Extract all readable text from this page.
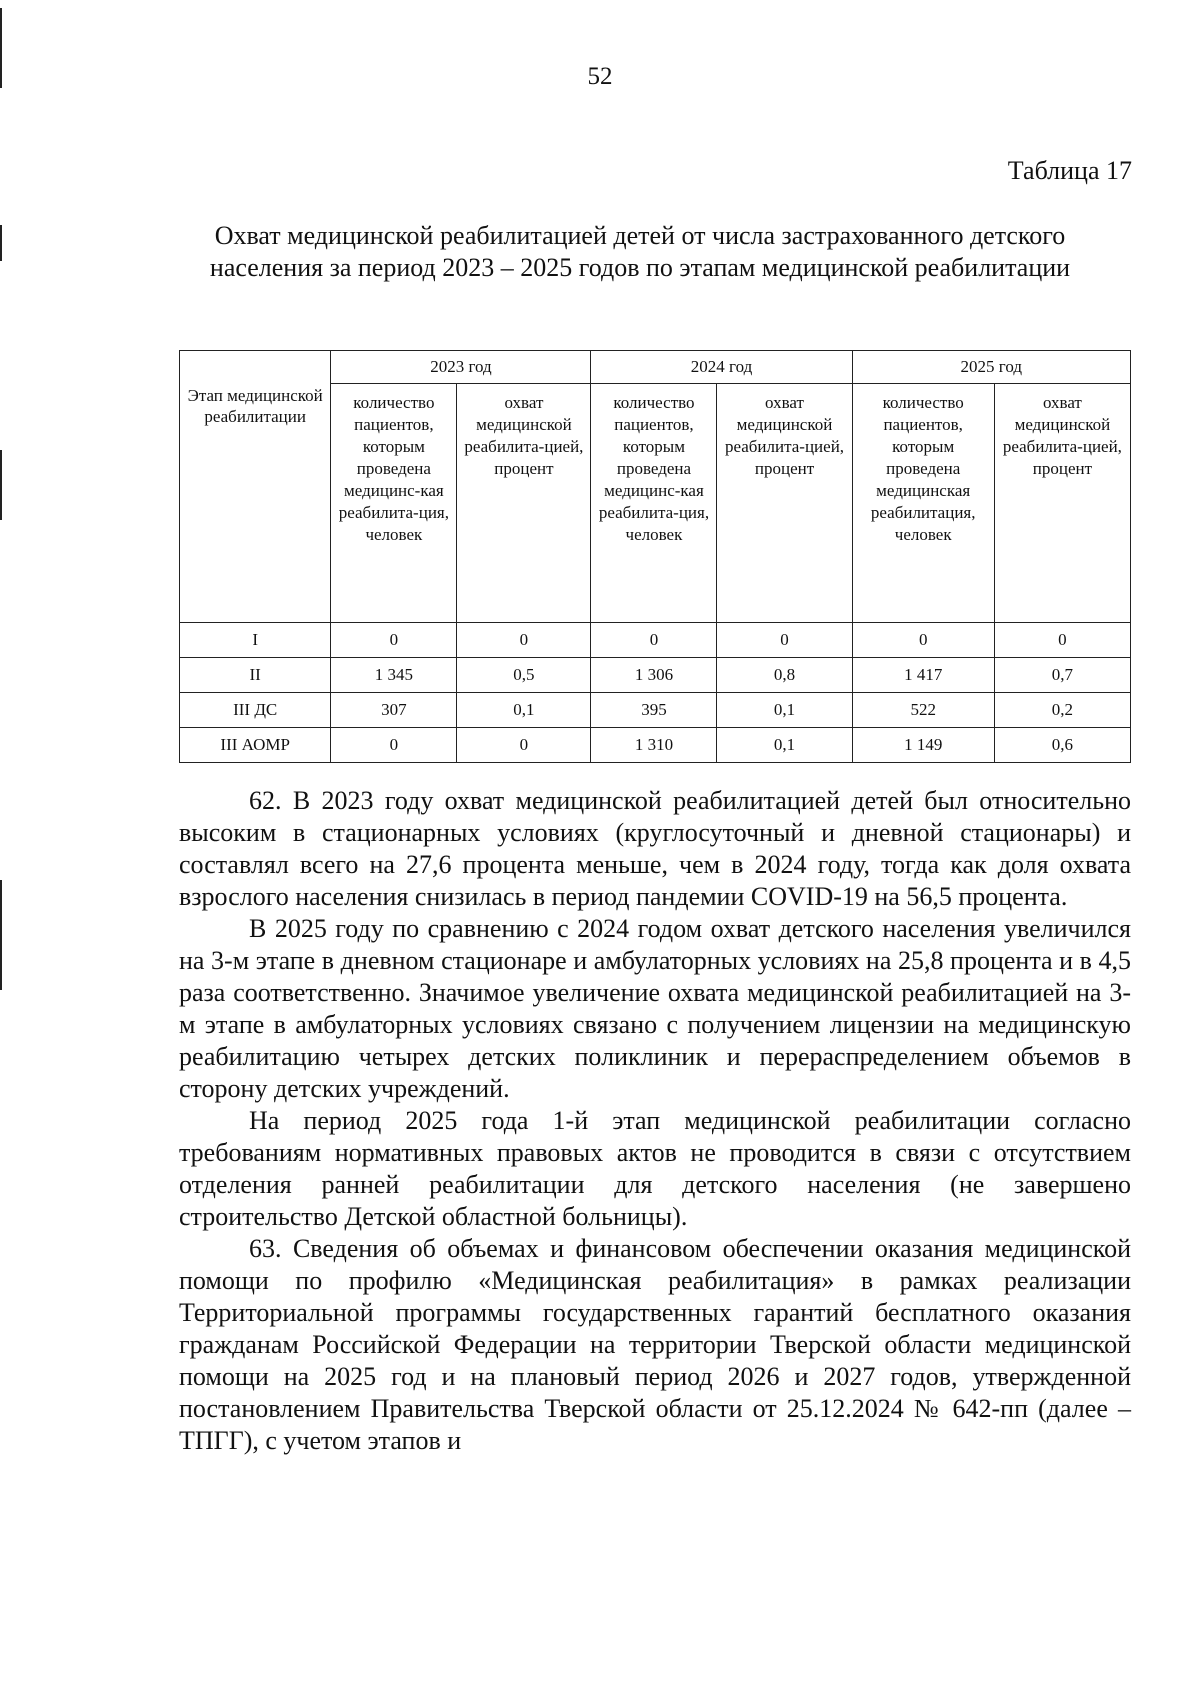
52
Таблица 17
Охват медицинской реабилитацией детей от числа застрахованного детского населения за период 2023 – 2025 годов по этапам медицинской реабилитации
Этап медицинской реабилитации	2023 год		2024 год		2025 год	
	количество пациентов, которым проведена медицинс-кая реабилита-ция, человек	охват медицинской реабилита-цией, процент	количество пациентов, которым проведена медицинс-кая реабилита-ция, человек	охват медицинской реабилита-цией, процент	количество пациентов, которым проведена медицинская реабилитация, человек	охват медицинской реабилита-цией, процент
I	0	0	0	0	0	0
II	1 345	0,5	1 306	0,8	1 417	0,7
III ДС	307	0,1	395	0,1	522	0,2
III АОМР	0	0	1 310	0,1	1 149	0,6

62. В 2023 году охват медицинской реабилитацией детей был относительно высоким в стационарных условиях (круглосуточный и дневной стационары) и составлял всего на 27,6 процента меньше, чем в 2024 году, тогда как доля охвата взрослого населения снизилась в период пандемии COVID-19 на 56,5 процента.

В 2025 году по сравнению с 2024 годом охват детского населения увеличился на 3-м этапе в дневном стационаре и амбулаторных условиях на 25,8 процента и в 4,5 раза соответственно. Значимое увеличение охвата медицинской реабилитацией на 3-м этапе в амбулаторных условиях связано с получением лицензии на медицинскую реабилитацию четырех детских поликлиник и перераспределением объемов в сторону детских учреждений.

На период 2025 года 1-й этап медицинской реабилитации согласно требованиям нормативных правовых актов не проводится в связи с отсутствием отделения ранней реабилитации для детского населения (не завершено строительство Детской областной больницы).

63. Сведения об объемах и финансовом обеспечении оказания медицинской помощи по профилю «Медицинская реабилитация» в рамках реализации Территориальной программы государственных гарантий бесплатного оказания гражданам Российской Федерации на территории Тверской области медицинской помощи на 2025 год и на плановый период 2026 и 2027 годов, утвержденной постановлением Правительства Тверской области от 25.12.2024 № 642-пп (далее – ТПГГ), с учетом этапов и
